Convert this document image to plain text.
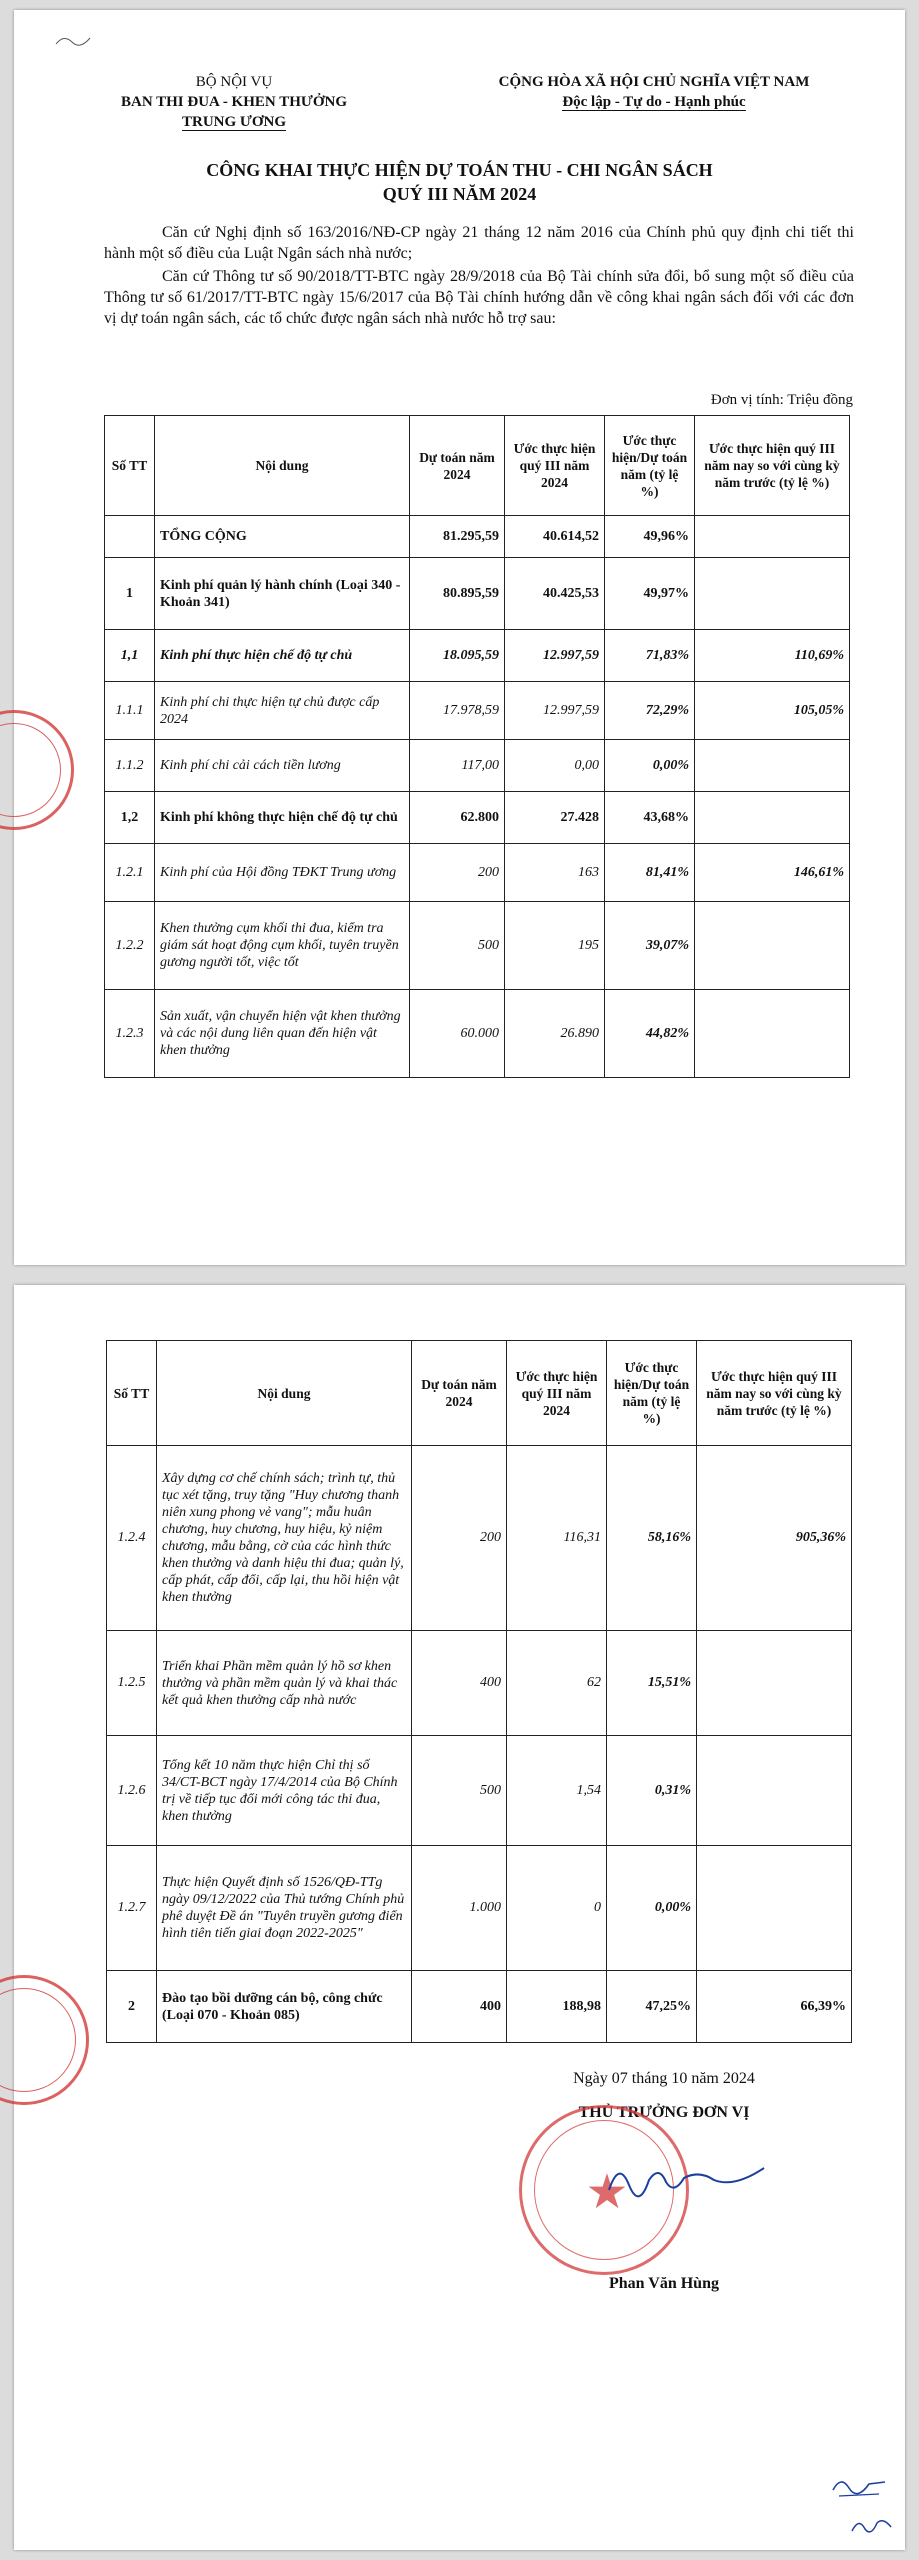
BỘ NỘI VỤ
BAN THI ĐUA - KHEN THƯỞNG
TRUNG ƯƠNG
CỘNG HÒA XÃ HỘI CHỦ NGHĨA VIỆT NAM
Độc lập - Tự do - Hạnh phúc
CÔNG KHAI THỰC HIỆN DỰ TOÁN THU - CHI NGÂN SÁCH
QUÝ III NĂM 2024
Căn cứ Nghị định số 163/2016/NĐ-CP ngày 21 tháng 12 năm 2016 của Chính phủ quy định chi tiết thi hành một số điều của Luật Ngân sách nhà nước;
Căn cứ Thông tư số 90/2018/TT-BTC ngày 28/9/2018 của Bộ Tài chính sửa đổi, bổ sung một số điều của Thông tư số 61/2017/TT-BTC ngày 15/6/2017 của Bộ Tài chính hướng dẫn về công khai ngân sách đối với các đơn vị dự toán ngân sách, các tổ chức được ngân sách nhà nước hỗ trợ sau:
Đơn vị tính: Triệu đồng
Số TT	Nội dung	Dự toán năm 2024	Ước thực hiện quý III năm 2024	Ước thực hiện/Dự toán năm (tỷ lệ %)	Ước thực hiện quý III năm nay so với cùng kỳ năm trước (tỷ lệ %)
	TỔNG CỘNG	81.295,59	40.614,52	49,96%	
1	Kinh phí quản lý hành chính (Loại 340 - Khoản 341)	80.895,59	40.425,53	49,97%	
1,1	Kinh phí thực hiện chế độ tự chủ	18.095,59	12.997,59	71,83%	110,69%
1.1.1	Kinh phí chi thực hiện tự chủ được cấp 2024	17.978,59	12.997,59	72,29%	105,05%
1.1.2	Kinh phí chi cải cách tiền lương	117,00	0,00	0,00%	
1,2	Kinh phí không thực hiện chế độ tự chủ	62.800	27.428	43,68%	
1.2.1	Kinh phí của Hội đồng TĐKT Trung ương	200	163	81,41%	146,61%
1.2.2	Khen thưởng cụm khối thi đua, kiểm tra giám sát hoạt động cụm khối, tuyên truyền gương người tốt, việc tốt	500	195	39,07%	
1.2.3	Sản xuất, vận chuyển hiện vật khen thưởng và các nội dung liên quan đến hiện vật khen thưởng	60.000	26.890	44,82%	
Số TT	Nội dung	Dự toán năm 2024	Ước thực hiện quý III năm 2024	Ước thực hiện/Dự toán năm (tỷ lệ %)	Ước thực hiện quý III năm nay so với cùng kỳ năm trước (tỷ lệ %)
1.2.4	Xây dựng cơ chế chính sách; trình tự, thủ tục xét tặng, truy tặng "Huy chương thanh niên xung phong vẻ vang"; mẫu huân chương, huy chương, huy hiệu, kỷ niệm chương, mẫu bằng, cờ của các hình thức khen thưởng và danh hiệu thi đua; quản lý, cấp phát, cấp đổi, cấp lại, thu hồi hiện vật khen thưởng	200	116,31	58,16%	905,36%
1.2.5	Triển khai Phần mềm quản lý hồ sơ khen thưởng và phần mềm quản lý và khai thác kết quả khen thưởng cấp nhà nước	400	62	15,51%	
1.2.6	Tổng kết 10 năm thực hiện Chỉ thị số 34/CT-BCT ngày 17/4/2014 của Bộ Chính trị về tiếp tục đổi mới công tác thi đua, khen thưởng	500	1,54	0,31%	
1.2.7	Thực hiện Quyết định số 1526/QĐ-TTg ngày 09/12/2022 của Thủ tướng Chính phủ phê duyệt Đề án "Tuyên truyền gương điển hình tiên tiến giai đoạn 2022-2025"	1.000	0	0,00%	
2	Đào tạo bồi dưỡng cán bộ, công chức (Loại 070 - Khoản 085)	400	188,98	47,25%	66,39%
Ngày 07 tháng 10 năm 2024
THỦ TRƯỞNG ĐƠN VỊ
★
Phan Văn Hùng
